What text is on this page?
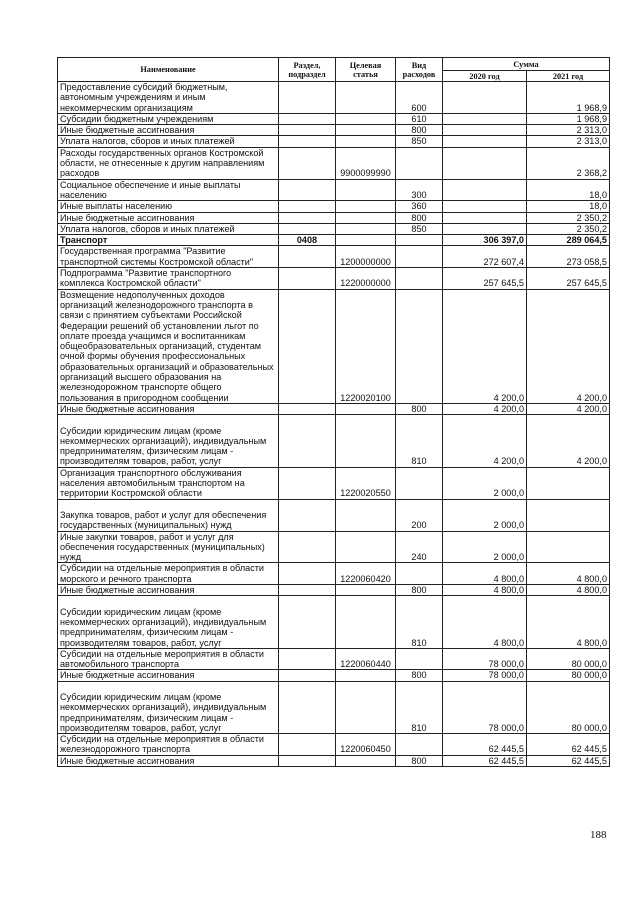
Наименование	Раздел, подраздел	Целевая статья	Вид расходов	Сумма	
				2020 год	2021 год
Предоставление субсидий бюджетным, автономным учреждениям и иным некоммерческим организациям			600		1 968,9
Субсидии бюджетным учреждениям			610		1 968,9
Иные бюджетные ассигнования			800		2 313,0
Уплата налогов, сборов и иных платежей			850		2 313,0
Расходы государственных органов Костромской области, не отнесенные к другим направлениям расходов		9900099990			2 368,2
Социальное обеспечение и иные выплаты населению			300		18,0
Иные выплаты населению			360		18,0
Иные бюджетные ассигнования			800		2 350,2
Уплата налогов, сборов и иных платежей			850		2 350,2
Транспорт	0408			306 397,0	289 064,5
Государственная программа "Развитие транспортной системы Костромской области"		1200000000		272 607,4	273 058,5
Подпрограмма "Развитие транспортного комплекса Костромской области"		1220000000		257 645,5	257 645,5
Возмещение недополученных доходов организаций железнодорожного транспорта в связи с принятием субъектами Российской Федерации решений об установлении льгот по оплате проезда учащимся и воспитанникам общеобразовательных организаций, студентам очной формы обучения профессиональных образовательных организаций и образовательных организаций высшего образования на железнодорожном транспорте общего пользования в пригородном сообщении		1220020100		4 200,0	4 200,0
Иные бюджетные ассигнования			800	4 200,0	4 200,0
Субсидии юридическим лицам (кроме некоммерческих организаций), индивидуальным предпринимателям, физическим лицам - производителям товаров, работ, услуг			810	4 200,0	4 200,0
Организация транспортного обслуживания населения автомобильным транспортом на территории Костромской области		1220020550		2 000,0	
Закупка товаров, работ и услуг для обеспечения государственных (муниципальных) нужд			200	2 000,0	
Иные закупки товаров, работ и услуг для обеспечения государственных (муниципальных) нужд			240	2 000,0	
Субсидии на отдельные мероприятия в области морского и речного транспорта		1220060420		4 800,0	4 800,0
Иные бюджетные ассигнования			800	4 800,0	4 800,0
Субсидии юридическим лицам (кроме некоммерческих организаций), индивидуальным предпринимателям, физическим лицам - производителям товаров, работ, услуг			810	4 800,0	4 800,0
Субсидии на отдельные мероприятия в области автомобильного транспорта		1220060440		78 000,0	80 000,0
Иные бюджетные ассигнования			800	78 000,0	80 000,0
Субсидии юридическим лицам (кроме некоммерческих организаций), индивидуальным предпринимателям, физическим лицам - производителям товаров, работ, услуг			810	78 000,0	80 000,0
Субсидии на отдельные мероприятия в области железнодорожного транспорта		1220060450		62 445,5	62 445,5
Иные бюджетные ассигнования			800	62 445,5	62 445,5
188
